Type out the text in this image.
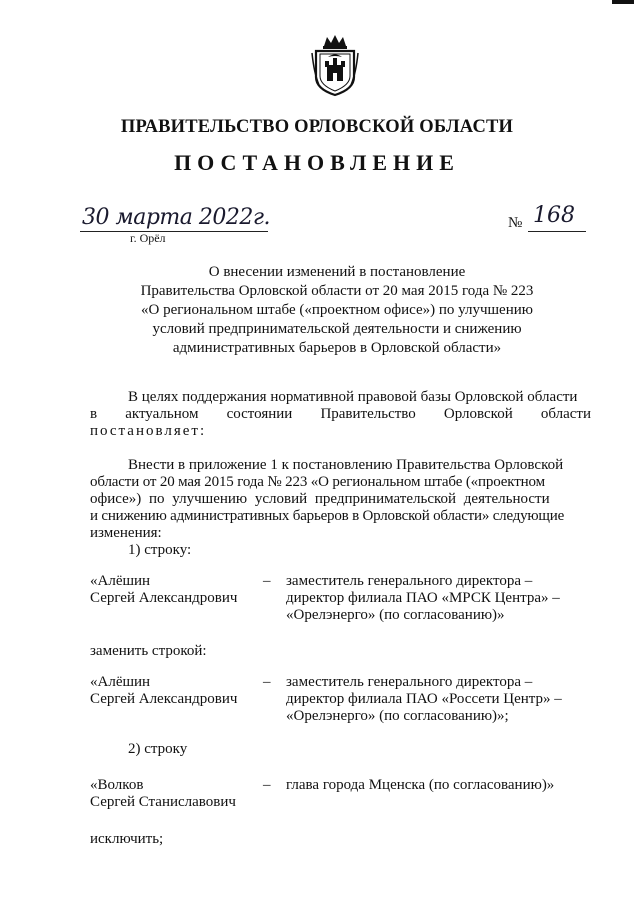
ПРАВИТЕЛЬСТВО ОРЛОВСКОЙ ОБЛАСТИ
ПОСТАНОВЛЕНИЕ
30 марта 2022г.
г. Орёл
№ 168
О внесении изменений в постановление
Правительства Орловской области от 20 мая 2015 года № 223
«О региональном штабе («проектном офисе») по улучшению
условий предпринимательской деятельности и снижению
административных барьеров в Орловской области»
В целях поддержания нормативной правовой базы Орловской области
в актуальном состоянии Правительство Орловской области
постановляет:
Внести в приложение 1 к постановлению Правительства Орловской
области от 20 мая 2015 года № 223 «О региональном штабе («проектном
офисе») по улучшению условий предпринимательской деятельности
и снижению административных барьеров в Орловской области» следующие
изменения:
1) строку:
«Алёшин
Сергей Александрович
– заместитель генерального директора –
директор филиала ПАО «МРСК Центра» –
«Орелэнерго» (по согласованию)»
заменить строкой:
«Алёшин
Сергей Александрович
– заместитель генерального директора –
директор филиала ПАО «Россети Центр» –
«Орелэнерго» (по согласованию)»;
2) строку
«Волков
Сергей Станиславович
– глава города Мценска (по согласованию)»
исключить;
